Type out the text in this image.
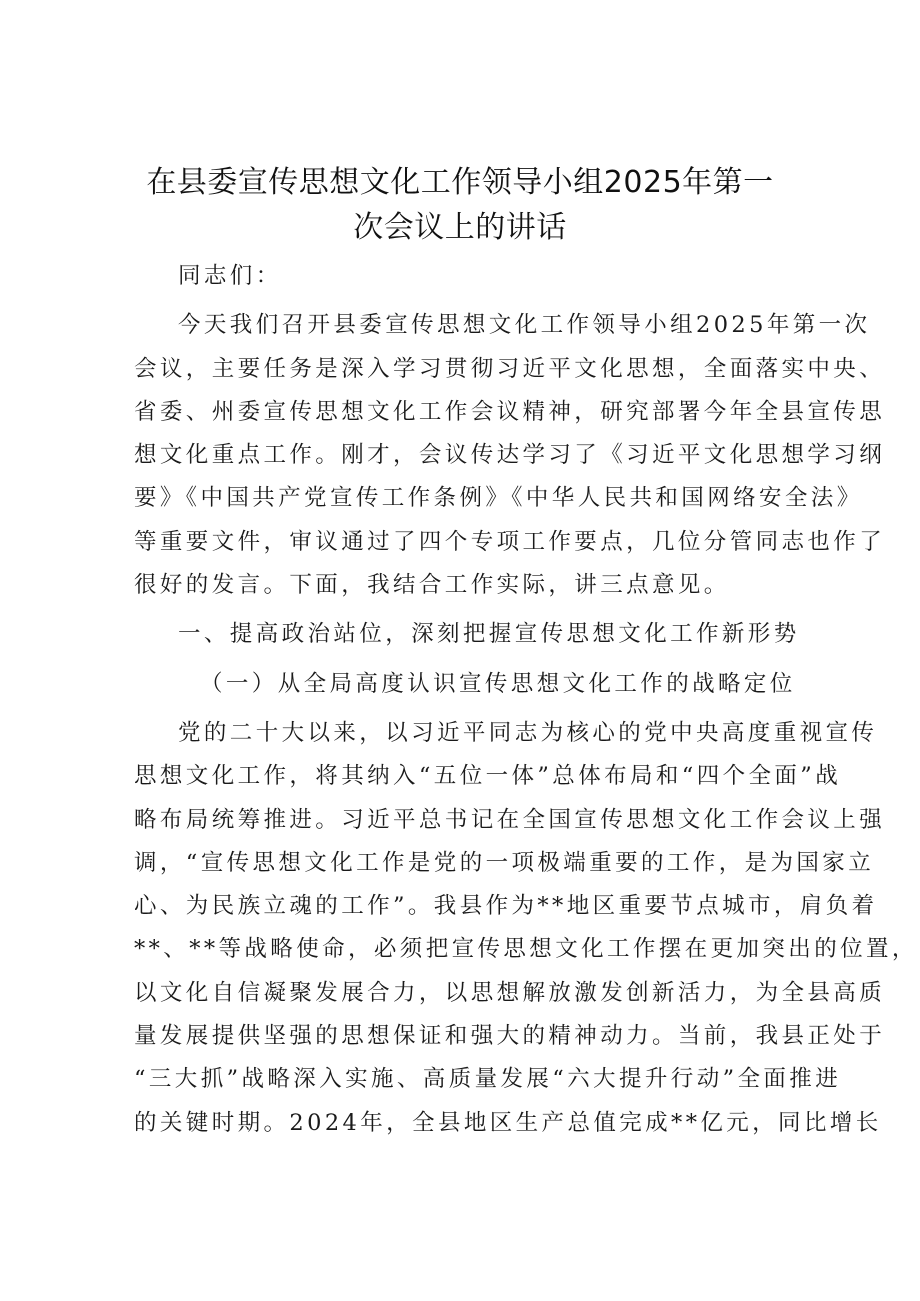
在县委宣传思想文化工作领导小组2025年第一
次会议上的讲话
同志们：
今天我们召开县委宣传思想文化工作领导小组2025年第一次
会议，主要任务是深入学习贯彻习近平文化思想，全面落实中央、
省委、州委宣传思想文化工作会议精神，研究部署今年全县宣传思
想文化重点工作。刚才，会议传达学习了《习近平文化思想学习纲
要》《中国共产党宣传工作条例》《中华人民共和国网络安全法》
等重要文件，审议通过了四个专项工作要点，几位分管同志也作了
很好的发言。下面，我结合工作实际，讲三点意见。
一、提高政治站位，深刻把握宣传思想文化工作新形势
（一）从全局高度认识宣传思想文化工作的战略定位
党的二十大以来，以习近平同志为核心的党中央高度重视宣传
思想文化工作，将其纳入“五位一体”总体布局和“四个全面”战
略布局统筹推进。习近平总书记在全国宣传思想文化工作会议上强
调，“宣传思想文化工作是党的一项极端重要的工作，是为国家立
心、为民族立魂的工作”。我县作为**地区重要节点城市，肩负着
**、**等战略使命，必须把宣传思想文化工作摆在更加突出的位置，
以文化自信凝聚发展合力，以思想解放激发创新活力，为全县高质
量发展提供坚强的思想保证和强大的精神动力。当前，我县正处于
“三大抓”战略深入实施、高质量发展“六大提升行动”全面推进
的关键时期。2024年，全县地区生产总值完成**亿元，同比增长
